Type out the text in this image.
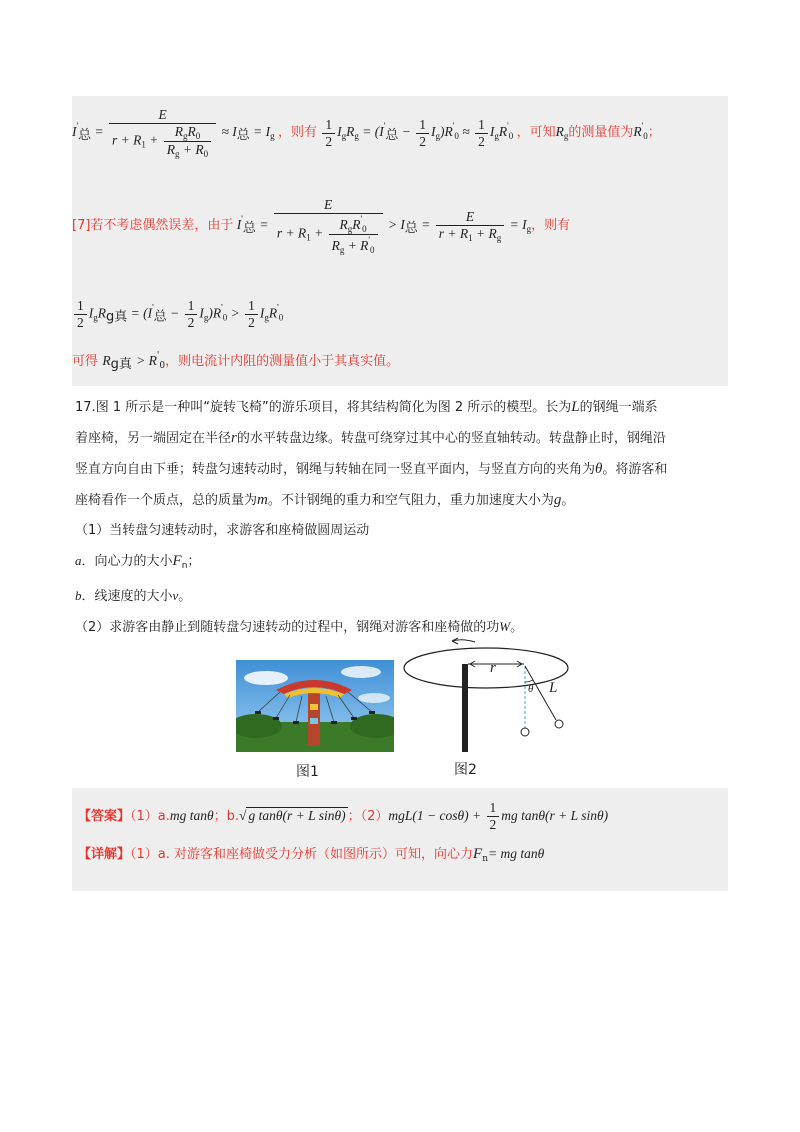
I'总 = $\frac{E}{r + R_1 + \frac{R_gR_0}{R_g + R_0}} \approx I$总 = $I_g$ ，则有 $\frac{1}{2} I_gR_g = (I'$总 − $\frac{1}{2} I_g)R'_0 \approx \frac{1}{2} I_gR'_0$ ，可知$R_g$的测量值为$R'_0$；
[7]若不考虑偶然误差，由于 I'总 = $\frac{E}{r + R_1 + \frac{R_gR'_0}{R_g + R'_0}} > I$总 = $\frac{E}{r + R_1 + R_g} = I_g$，则有
$\frac{1}{2} I_gRg$真 = (I'总 − $\frac{1}{2} I_g)R'_0 > \frac{1}{2} I_gR'_0$
可得 Rg真 > $R'_0$，则电流计内阻的测量值小于其真实值。
17.图 1 所示是一种叫“旋转飞椅”的游乐项目，将其结构简化为图 2 所示的模型。长为L的钢绳一端系
着座椅，另一端固定在半径r的水平转盘边缘。转盘可绕穿过其中心的竖直轴转动。转盘静止时，钢绳沿
竖直方向自由下垂；转盘匀速转动时，钢绳与转轴在同一竖直平面内，与竖直方向的夹角为θ。将游客和
座椅看作一个质点，总的质量为m。不计钢绳的重力和空气阻力，重力加速度大小为g。
（1）当转盘匀速转动时，求游客和座椅做圆周运动
a．向心力的大小$F_n$；
b．线速度的大小v。
（2）求游客由静止到随转盘匀速转动的过程中，钢绳对游客和座椅做的功W。
图1
r
L
θ
图2
【答案】（1）a.mg tanθ；b.√ g tanθ(r + L sinθ) ；$(2)mgL(1 - \cos\theta) + \frac{1}{2}$ mg tanθ(r + L sinθ)
【详解】（1）a. 对游客和座椅做受力分析（如图所示）可知，向心力$F_n=$ mg tanθ
